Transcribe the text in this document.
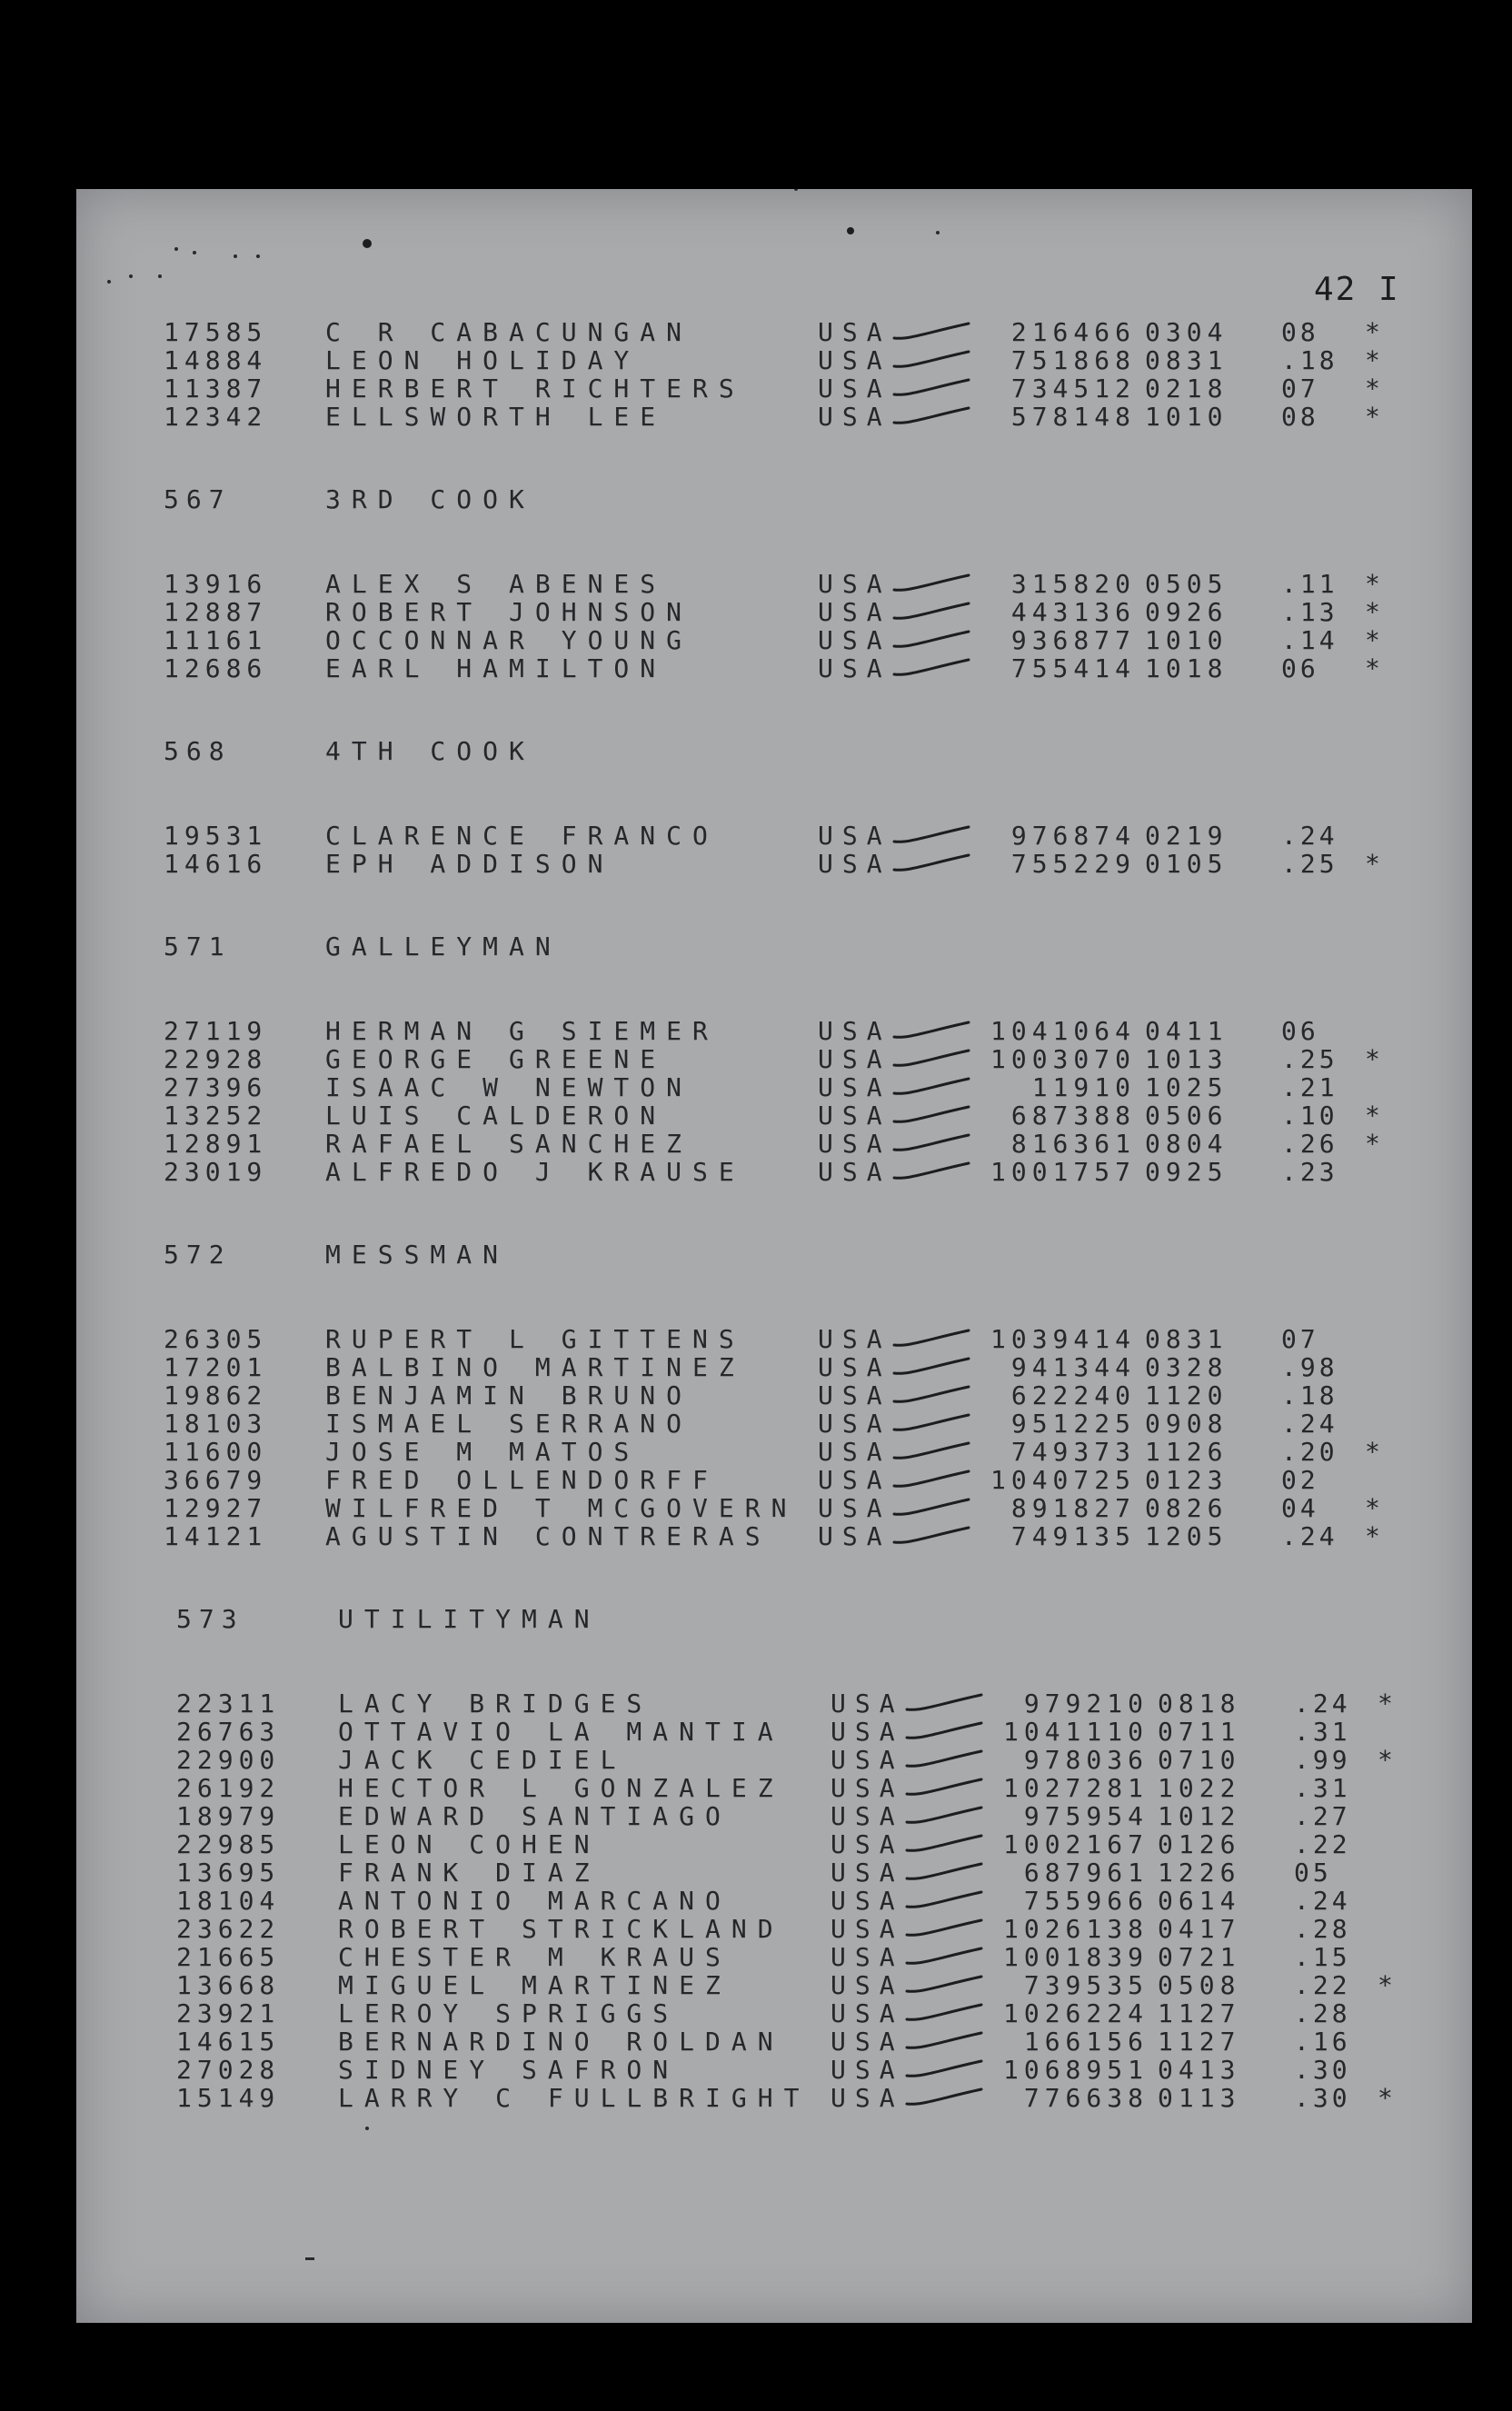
42 I
17585 C R CABACUNGAN	USA	216466 0304 08 *
14884 LEON HOLIDAY	USA	751868 0831 .18 *
11387 HERBERT RICHTERS	USA	734512 0218 07 *
12342 ELLSWORTH LEE	USA	578148 1010 08 *
567	3RD COOK
13916 ALEX S ABENES	USA	315820 0505 .11 *
12887 ROBERT JOHNSON	USA	443136 0926 .13 *
11161 OCCONNAR YOUNG	USA	936877 1010 .14 *
12686 EARL HAMILTON	USA	755414 1018 06 *
568	4TH COOK
19531 CLARENCE FRANCO	USA	976874 0219 .24
14616 EPH ADDISON	USA	755229 0105 .25 *
571	GALLEYMAN
27119 HERMAN G SIEMER	USA	1041064 0411 06
22928 GEORGE GREENE	USA	1003070 1013 .25 *
27396 ISAAC W NEWTON	USA	11910 1025 .21
13252 LUIS CALDERON	USA	687388 0506 .10 *
12891 RAFAEL SANCHEZ	USA	816361 0804 .26 *
23019 ALFREDO J KRAUSE	USA	1001757 0925 .23
572	MESSMAN
26305 RUPERT L GITTENS	USA	1039414 0831 07
17201 BALBINO MARTINEZ	USA	941344 0328 .98
19862 BENJAMIN BRUNO	USA	622240 1120 .18
18103 ISMAEL SERRANO	USA	951225 0908 .24
11600 JOSE M MATOS	USA	749373 1126 .20 *
36679 FRED OLLENDORFF	USA	1040725 0123 02
12927 WILFRED T MCGOVERN USA	891827 0826 04 *
14121 AGUSTIN CONTRERAS USA	749135 1205 .24 *
573	UTILITYMAN
22311 LACY BRIDGES	USA	979210 0818 .24 *
26763 OTTAVIO LA MANTIA USA	1041110 0711 .31
22900 JACK CEDIEL	USA	978036 0710 .99 *
26192 HECTOR L GONZALEZ USA	1027281 1022 .31
18979 EDWARD SANTIAGO	USA	975954 1012 .27
22985 LEON COHEN	USA	1002167 0126 .22
13695 FRANK DIAZ	USA	687961 1226 05
18104 ANTONIO MARCANO	USA	755966 0614 .24
23622 ROBERT STRICKLAND USA	1026138 0417 .28
21665 CHESTER M KRAUS	USA	1001839 0721 .15
13668 MIGUEL MARTINEZ	USA	739535 0508 .22 *
23921 LEROY SPRIGGS	USA	1026224 1127 .28
14615 BERNARDINO ROLDAN USA	166156 1127 .16
27028 SIDNEY SAFRON	USA	1068951 0413 .30
15149 LARRY C FULLBRIGHT USA	776638 0113 .30 *
